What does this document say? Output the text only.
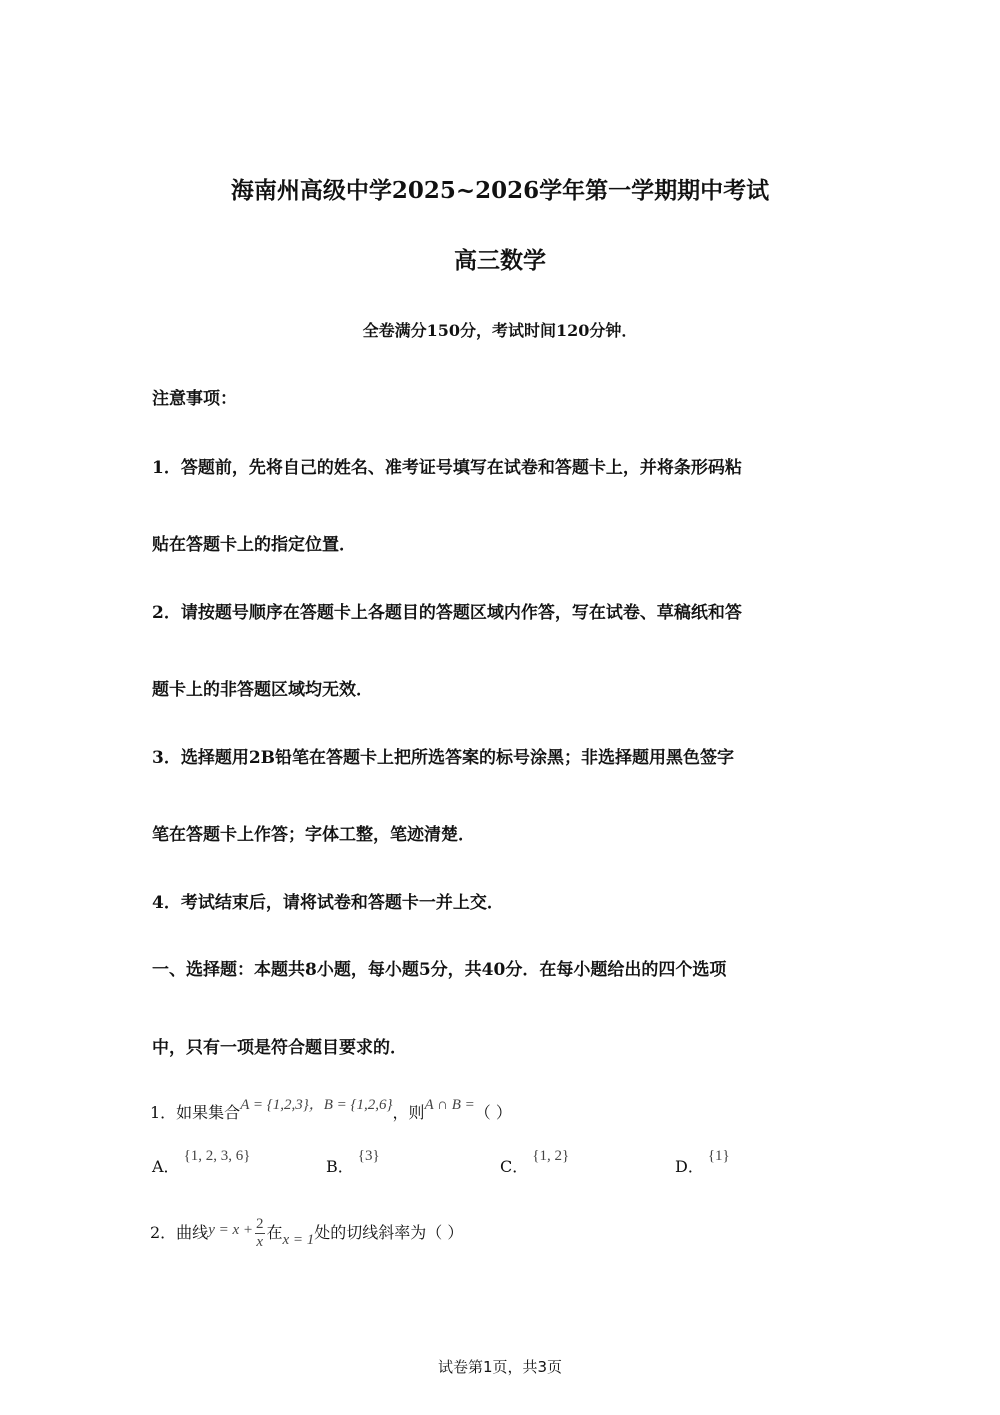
海南州高级中学2025~2026学年第一学期期中考试
高三数学
全卷满分150分，考试时间120分钟．
注意事项：
1．答题前，先将自己的姓名、准考证号填写在试卷和答题卡上，并将条形码粘
贴在答题卡上的指定位置．
2．请按题号顺序在答题卡上各题目的答题区域内作答，写在试卷、草稿纸和答
题卡上的非答题区域均无效．
3．选择题用2B铅笔在答题卡上把所选答案的标号涂黑；非选择题用黑色签字
笔在答题卡上作答；字体工整，笔迹清楚．
4．考试结束后，请将试卷和答题卡一并上交．
一、选择题：本题共8小题，每小题5分，共40分．在每小题给出的四个选项
中，只有一项是符合题目要求的．
1．如果集合A = {1,2,3}，B = {1,2,6}，则A ∩ B =（ ）
A．{1, 2, 3, 6}
B．{3}
C．{1, 2}
D．{1}
2．曲线$y = x + \frac{2}{x}$ 在x = 1处的切线斜率为（ ）
试卷第1页，共3页
